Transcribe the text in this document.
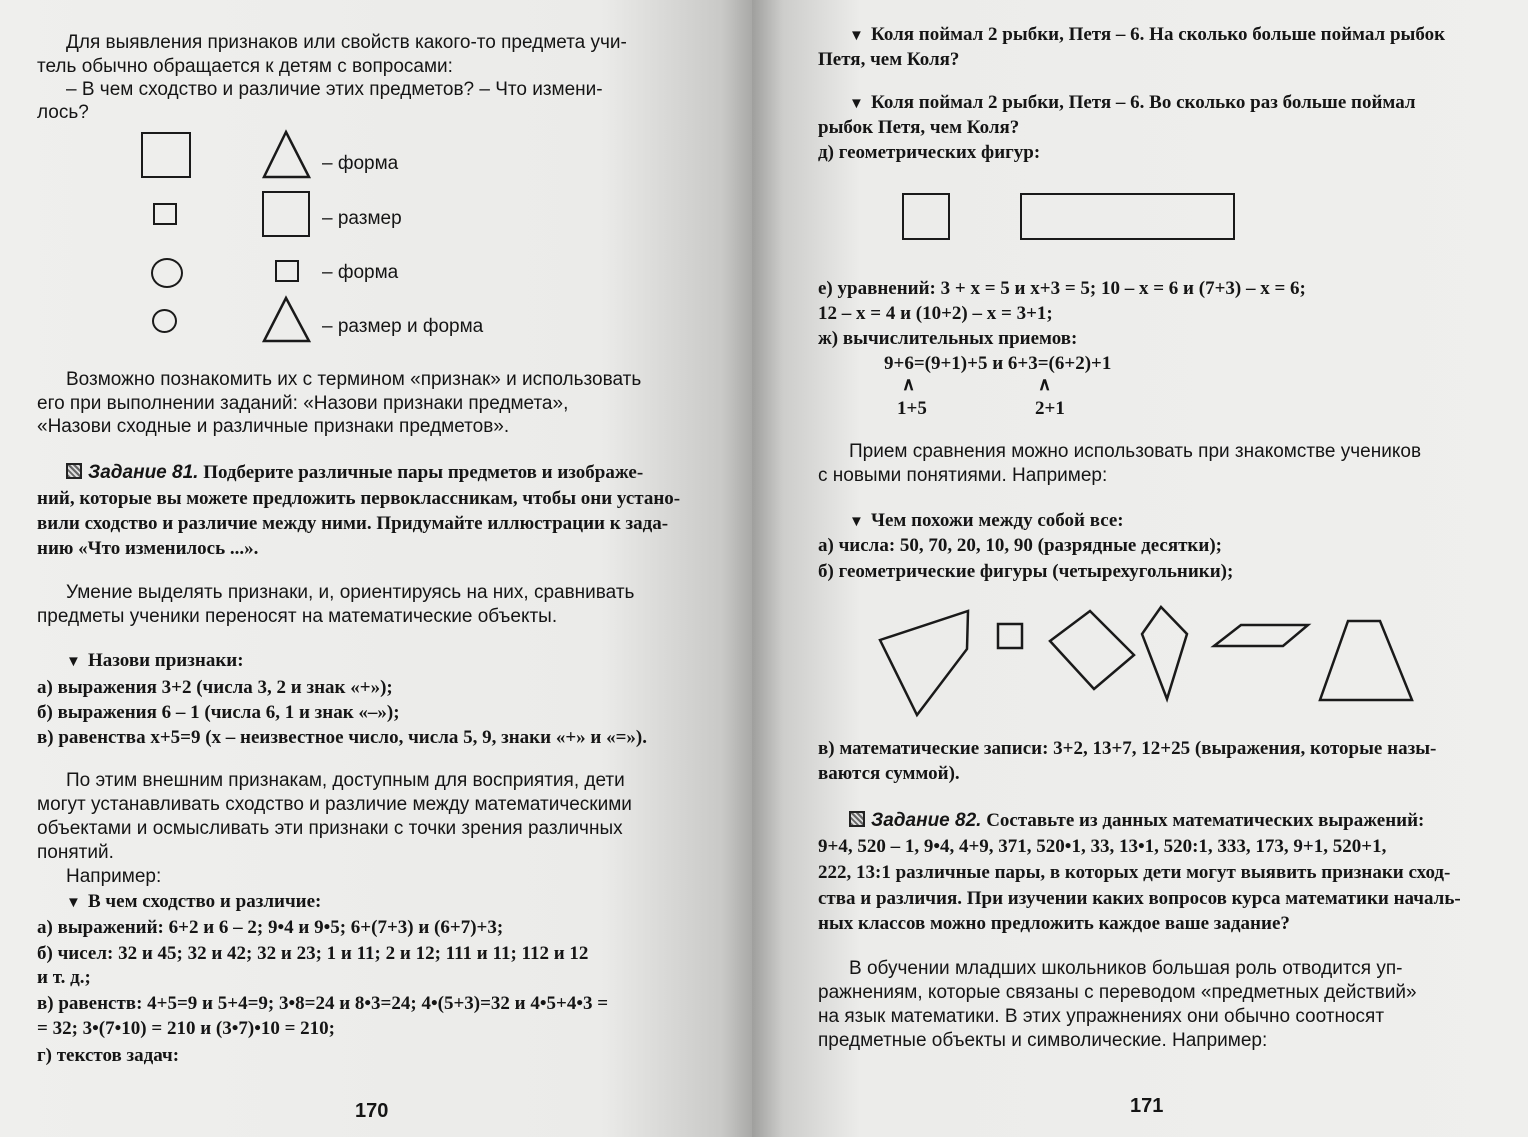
Для выявления признаков или свойств какого-то предмета учи-

тель обычно обращается к детям с вопросами:

– В чем сходство и различие этих предметов? – Что измени-

лось?

– форма
– размер
– форма
– размер и форма

Возможно познакомить их с термином «признак» и использовать

его при выполнении заданий: «Назови признаки предмета»,

«Назови сходные и различные признаки предметов».

Задание 81. Подберите различные пары предметов и изображе-

ний, которые вы можете предложить первоклассникам, чтобы они устано-

вили сходство и различие между ними. Придумайте иллюстрации к зада-

нию «Что изменилось ...».

Умение выделять признаки, и, ориентируясь на них, сравнивать

предметы ученики переносят на математические объекты.

▼ Назови признаки:

а) выражения 3+2 (числа 3, 2 и знак «+»);

б) выражения 6 – 1 (числа 6, 1 и знак «–»);

в) равенства x+5=9 (x – неизвестное число, числа 5, 9, знаки «+» и «=»).

По этим внешним признакам, доступным для восприятия, дети

могут устанавливать сходство и различие между математическими

объектами и осмысливать эти признаки с точки зрения различных

понятий.

Например:

▼ В чем сходство и различие:

а) выражений: 6+2 и 6 – 2; 9•4 и 9•5; 6+(7+3) и (6+7)+3;

б) чисел: 32 и 45; 32 и 42; 32 и 23; 1 и 11; 2 и 12; 111 и 11; 112 и 12

и т. д.;

в) равенств: 4+5=9 и 5+4=9; 3•8=24 и 8•3=24; 4•(5+3)=32 и 4•5+4•3 =

= 32; 3•(7•10) = 210 и (3•7)•10 = 210;

г) текстов задач:

170

▼ Коля поймал 2 рыбки, Петя – 6. На сколько больше поймал рыбок

Петя, чем Коля?

▼ Коля поймал 2 рыбки, Петя – 6. Во сколько раз больше поймал

рыбок Петя, чем Коля?

д) геометрических фигур:

е) уравнений: 3 + x = 5 и x+3 = 5; 10 – x = 6 и (7+3) – x = 6;

12 – x = 4 и (10+2) – x = 3+1;

ж) вычислительных приемов:

9+6=(9+1)+5 и 6+3=(6+2)+1

∧	∧

1+5	2+1

Прием сравнения можно использовать при знакомстве учеников

с новыми понятиями. Например:

▼ Чем похожи между собой все:

а) числа: 50, 70, 20, 10, 90 (разрядные десятки);

б) геометрические фигуры (четырехугольники);

в) математические записи: 3+2, 13+7, 12+25 (выражения, которые назы-

ваются суммой).

Задание 82. Составьте из данных математических выражений:

9+4, 520 – 1, 9•4, 4+9, 371, 520•1, 33, 13•1, 520:1, 333, 173, 9+1, 520+1,

222, 13:1 различные пары, в которых дети могут выявить признаки сход-

ства и различия. При изучении каких вопросов курса математики началь-

ных классов можно предложить каждое ваше задание?

В обучении младших школьников большая роль отводится уп-

ражнениям, которые связаны с переводом «предметных действий»

на язык математики. В этих упражнениях они обычно соотносят

предметные объекты и символические. Например:

171
